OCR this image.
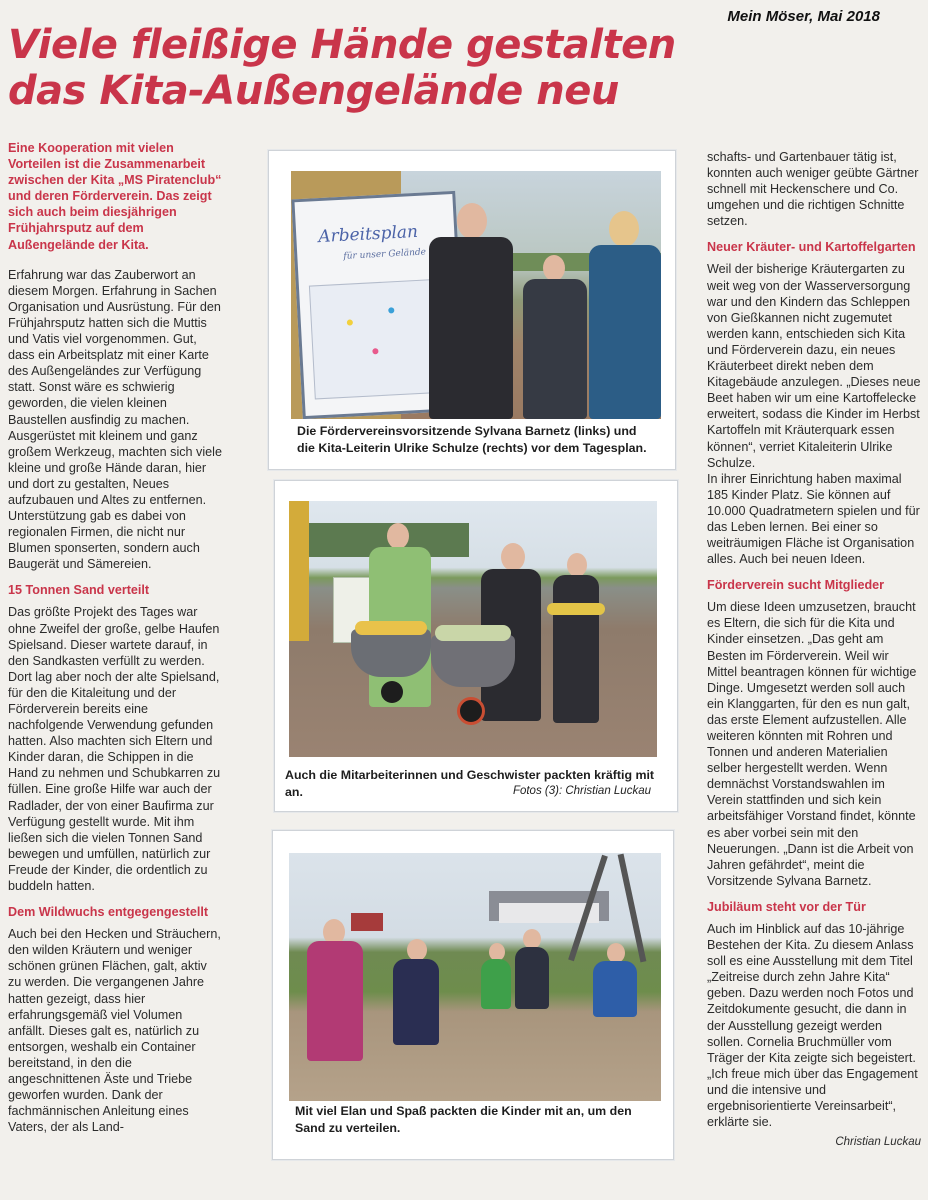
Mein Möser, Mai 2018
Viele fleißige Hände gestalten
das Kita-Außengelände neu

Eine Kooperation mit vielen Vorteilen ist die Zusammenarbeit zwischen der Kita „MS Piratenclub“ und deren Förderverein. Das zeigt sich auch beim diesjährigen Frühjahrsputz auf dem Außengelände der Kita.

Erfahrung war das Zauberwort an diesem Morgen. Erfahrung in Sachen Organisation und Ausrüstung. Für den Frühjahrsputz hatten sich die Muttis und Vatis viel vorgenommen. Gut, dass ein Arbeitsplatz mit einer Karte des Außengeländes zur Verfügung statt. Sonst wäre es schwierig geworden, die vielen kleinen Baustellen ausfindig zu machen.

Ausgerüstet mit kleinem und ganz großem Werkzeug, machten sich viele kleine und große Hände daran, hier und dort zu gestalten, Neues aufzubauen und Altes zu entfernen. Unterstützung gab es dabei von regionalen Firmen, die nicht nur Blumen sponserten, sondern auch Baugerät und Sämereien.

15 Tonnen Sand verteilt

Das größte Projekt des Tages war ohne Zweifel der große, gelbe Haufen Spielsand. Dieser wartete darauf, in den Sandkasten verfüllt zu werden. Dort lag aber noch der alte Spielsand, für den die Kitaleitung und der Förderverein bereits eine nachfolgende Verwendung gefunden hatten. Also machten sich Eltern und Kinder daran, die Schippen in die Hand zu nehmen und Schubkarren zu füllen. Eine große Hilfe war auch der Radlader, der von einer Baufirma zur Verfügung gestellt wurde. Mit ihm ließen sich die vielen Tonnen Sand bewegen und umfüllen, natürlich zur Freude der Kinder, die ordentlich zu buddeln hatten.

Dem Wildwuchs entgegengestellt

Auch bei den Hecken und Sträuchern, den wilden Kräutern und weniger schönen grünen Flächen, galt, aktiv zu werden. Die vergangenen Jahre hatten gezeigt, dass hier erfahrungsgemäß viel Volumen anfällt. Dieses galt es, natürlich zu entsorgen, weshalb ein Container bereitstand, in den die angeschnittenen Äste und Triebe geworfen wurden. Dank der fachmännischen Anleitung eines Vaters, der als Land-

schafts- und Gartenbauer tätig ist, konnten auch weniger geübte Gärtner schnell mit Heckenschere und Co. umgehen und die richtigen Schnitte setzen.

Neuer Kräuter- und Kartoffelgarten

Weil der bisherige Kräutergarten zu weit weg von der Wasserversorgung war und den Kindern das Schleppen von Gießkannen nicht zugemutet werden kann, entschieden sich Kita und Förderverein dazu, ein neues Kräuterbeet direkt neben dem Kitagebäude anzulegen. „Dieses neue Beet haben wir um eine Kartoffelecke erweitert, sodass die Kinder im Herbst Kartoffeln mit Kräuterquark essen können“, verriet Kitaleiterin Ulrike Schulze.

In ihrer Einrichtung haben maximal 185 Kinder Platz. Sie können auf 10.000 Quadratmetern spielen und für das Leben lernen. Bei einer so weiträumigen Fläche ist Organisation alles. Auch bei neuen Ideen.

Förderverein sucht Mitglieder

Um diese Ideen umzusetzen, braucht es Eltern, die sich für die Kita und Kinder einsetzen. „Das geht am Besten im Förderverein. Weil wir Mittel beantragen können für wichtige Dinge. Umgesetzt werden soll auch ein Klanggarten, für den es nun galt, das erste Element aufzustellen. Alle weiteren könnten mit Rohren und Tonnen und anderen Materialien selber hergestellt werden. Wenn demnächst Vorstandswahlen im Verein stattfinden und sich kein arbeitsfähiger Vorstand findet, könnte es aber vorbei sein mit den Neuerungen. „Dann ist die Arbeit von Jahren gefährdet“, meint die Vorsitzende Sylvana Barnetz.

Jubiläum steht vor der Tür

Auch im Hinblick auf das 10-jährige Bestehen der Kita. Zu diesem Anlass soll es eine Ausstellung mit dem Titel „Zeitreise durch zehn Jahre Kita“ geben. Dazu werden noch Fotos und Zeitdokumente gesucht, die dann in der Ausstellung gezeigt werden sollen. Cornelia Bruchmüller vom Träger der Kita zeigte sich begeistert. „Ich freue mich über das Engagement und die intensive und ergebnisorientierte Vereinsarbeit“, erklärte sie.

Christian Luckau

Arbeitsplan
für unser Gelände
Die Fördervereinsvorsitzende Sylvana Barnetz (links) und die Kita-Leiterin Ulrike Schulze (rechts) vor dem Tagesplan.
Auch die Mitarbeiterinnen und Geschwister packten kräftig mit an.	Fotos (3): Christian Luckau
Mit viel Elan und Spaß packten die Kinder mit an, um den Sand zu verteilen.
